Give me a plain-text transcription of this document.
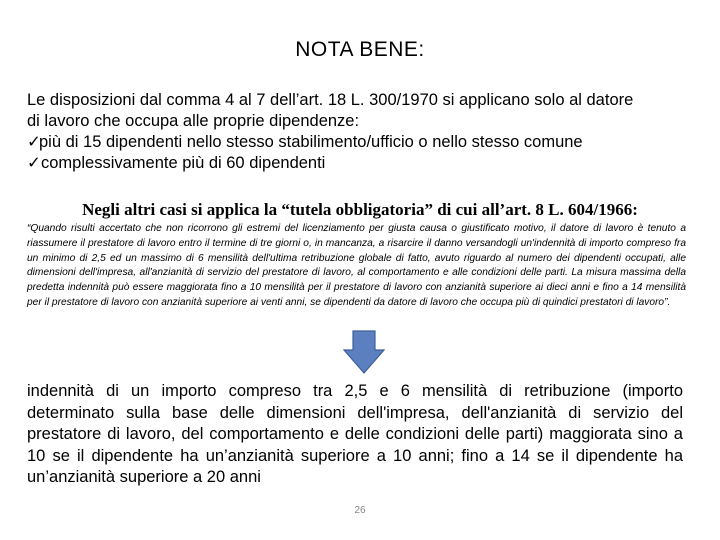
NOTA BENE:
Le disposizioni dal comma 4 al 7 dell’art. 18 L. 300/1970 si applicano solo al datore
di lavoro che occupa alle proprie dipendenze:
✓
più di 15 dipendenti nello stesso stabilimento/ufficio o nello stesso comune
✓ complessivamente più di 60 dipendenti
Negli altri casi si applica la “tutela obbligatoria” di cui all’art. 8 L. 604/1966:
“Quando risulti accertato che non ricorrono gli estremi del licenziamento per giusta causa o giustificato motivo, il datore di lavoro è tenuto a riassumere il prestatore di lavoro entro il termine di tre giorni o, in mancanza, a risarcire il danno versandogli un'indennità di importo compreso fra un minimo di 2,5 ed un massimo di 6 mensilità dell'ultima retribuzione globale di fatto, avuto riguardo al numero dei dipendenti occupati, alle dimensioni dell'impresa, all'anzianità di servizio del prestatore di lavoro, al comportamento e alle condizioni delle parti. La misura massima della predetta indennità può essere maggiorata fino a 10 mensilità per il prestatore di lavoro con anzianità superiore ai dieci anni e fino a 14 mensilità per il prestatore di lavoro con anzianità superiore ai venti anni, se dipendenti da datore di lavoro che occupa più di quindici prestatori di lavoro”.
indennità di un importo compreso tra 2,5 e 6 mensilità di retribuzione (importo determinato sulla base delle dimensioni dell'impresa, dell'anzianità di servizio del prestatore di lavoro, del comportamento e delle condizioni delle parti) maggiorata sino a 10 se il dipendente ha un’anzianità superiore a 10 anni; fino a 14 se il dipendente ha un’anzianità superiore a 20 anni
26
